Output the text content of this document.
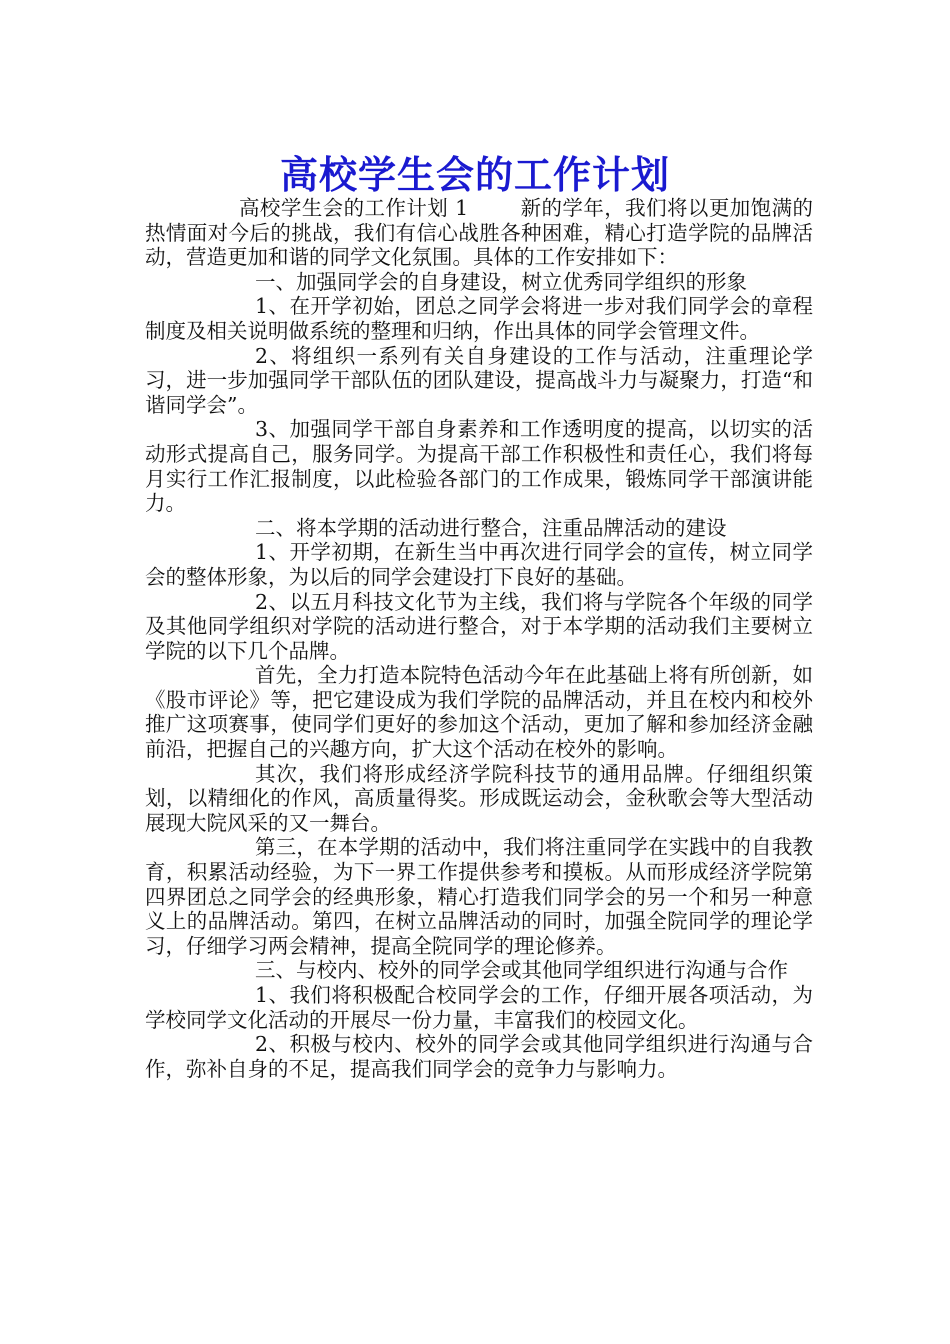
高校学生会的工作计划

高校学生会的工作计划 1	新的学年，我们将以更加饱满的热情面对今后的挑战，我们有信心战胜各种困难，精心打造学院的品牌活动，营造更加和谐的同学文化氛围。具体的工作安排如下：

一、加强同学会的自身建设，树立优秀同学组织的形象

1、在开学初始，团总之同学会将进一步对我们同学会的章程制度及相关说明做系统的整理和归纳，作出具体的同学会管理文件。

2、将组织一系列有关自身建设的工作与活动，注重理论学习，进一步加强同学干部队伍的团队建设，提高战斗力与凝聚力，打造“和谐同学会”。

3、加强同学干部自身素养和工作透明度的提高，以切实的活动形式提高自己，服务同学。为提高干部工作积极性和责任心，我们将每月实行工作汇报制度，以此检验各部门的工作成果，锻炼同学干部演讲能力。

二、将本学期的活动进行整合，注重品牌活动的建设

1、开学初期，在新生当中再次进行同学会的宣传，树立同学会的整体形象，为以后的同学会建设打下良好的基础。

2、以五月科技文化节为主线，我们将与学院各个年级的同学及其他同学组织对学院的活动进行整合，对于本学期的活动我们主要树立学院的以下几个品牌。

首先，全力打造本院特色活动今年在此基础上将有所创新，如《股市评论》等，把它建设成为我们学院的品牌活动，并且在校内和校外推广这项赛事，使同学们更好的参加这个活动，更加了解和参加经济金融前沿，把握自己的兴趣方向，扩大这个活动在校外的影响。

其次，我们将形成经济学院科技节的通用品牌。仔细组织策划，以精细化的作风，高质量得奖。形成既运动会，金秋歌会等大型活动展现大院风采的又一舞台。

第三，在本学期的活动中，我们将注重同学在实践中的自我教育，积累活动经验，为下一界工作提供参考和摸板。从而形成经济学院第四界团总之同学会的经典形象，精心打造我们同学会的另一个和另一种意义上的品牌活动。第四，在树立品牌活动的同时，加强全院同学的理论学习，仔细学习两会精神，提高全院同学的理论修养。

三、与校内、校外的同学会或其他同学组织进行沟通与合作

1、我们将积极配合校同学会的工作，仔细开展各项活动，为学校同学文化活动的开展尽一份力量，丰富我们的校园文化。

2、积极与校内、校外的同学会或其他同学组织进行沟通与合作，弥补自身的不足，提高我们同学会的竞争力与影响力。
